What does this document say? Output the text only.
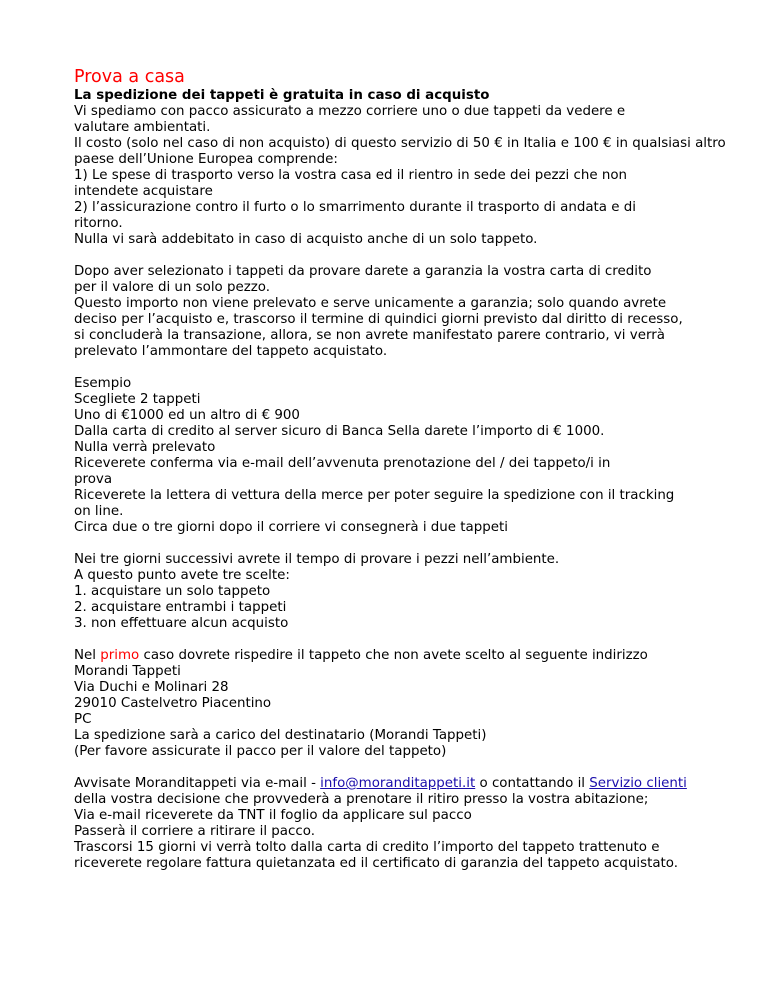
Prova a casa
La spedizione dei tappeti è gratuita in caso di acquisto
Vi spediamo con pacco assicurato a mezzo corriere uno o due tappeti da vedere e
valutare ambientati.
Il costo (solo nel caso di non acquisto) di questo servizio di 50 € in Italia e 100 € in qualsiasi altro
paese dell’Unione Europea comprende:
1) Le spese di trasporto verso la vostra casa ed il rientro in sede dei pezzi che non
intendete acquistare
2) l’assicurazione contro il furto o lo smarrimento durante il trasporto di andata e di
ritorno.
Nulla vi sarà addebitato in caso di acquisto anche di un solo tappeto.
Dopo aver selezionato i tappeti da provare darete a garanzia la vostra carta di credito
per il valore di un solo pezzo.
Questo importo non viene prelevato e serve unicamente a garanzia; solo quando avrete
deciso per l’acquisto e, trascorso il termine di quindici giorni previsto dal diritto di recesso,
si concluderà la transazione, allora, se non avrete manifestato parere contrario, vi verrà
prelevato l’ammontare del tappeto acquistato.
Esempio
Scegliete 2 tappeti
Uno di €1000 ed un altro di € 900
Dalla carta di credito al server sicuro di Banca Sella darete l’importo di € 1000.
Nulla verrà prelevato
Riceverete conferma via e-mail dell’avvenuta prenotazione del / dei tappeto/i in
prova
Riceverete la lettera di vettura della merce per poter seguire la spedizione con il tracking
on line.
Circa due o tre giorni dopo il corriere vi consegnerà i due tappeti
Nei tre giorni successivi avrete il tempo di provare i pezzi nell’ambiente.
A questo punto avete tre scelte:
1. acquistare un solo tappeto
2. acquistare entrambi i tappeti
3. non effettuare alcun acquisto
Nel primo caso dovrete rispedire il tappeto che non avete scelto al seguente indirizzo
Morandi Tappeti
Via Duchi e Molinari 28
29010 Castelvetro Piacentino
PC
La spedizione sarà a carico del destinatario (Morandi Tappeti)
(Per favore assicurate il pacco per il valore del tappeto)
Avvisate Moranditappeti via e-mail - info@moranditappeti.it o contattando il Servizio clienti
della vostra decisione che provvederà a prenotare il ritiro presso la vostra abitazione;
Via e-mail riceverete da TNT il foglio da applicare sul pacco
Passerà il corriere a ritirare il pacco.
Trascorsi 15 giorni vi verrà tolto dalla carta di credito l’importo del tappeto trattenuto e
riceverete regolare fattura quietanzata ed il certificato di garanzia del tappeto acquistato.
